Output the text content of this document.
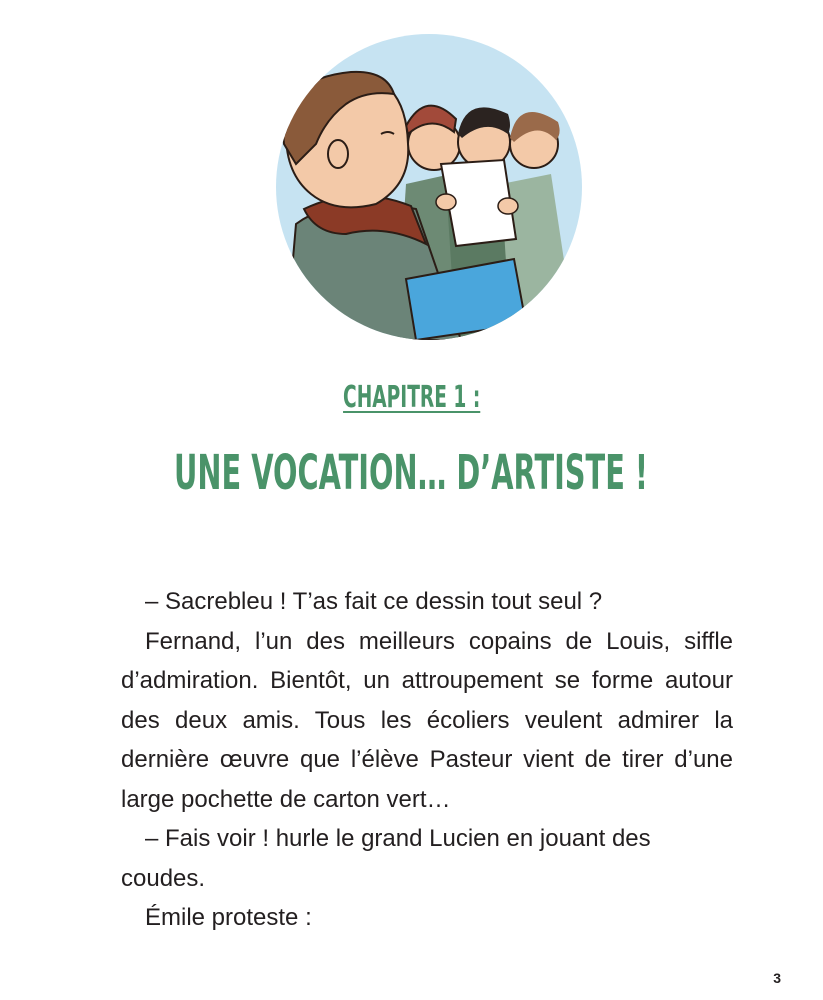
CHAPITRE 1 :
UNE VOCATION… D’ARTISTE !

– Sacrebleu ! T’as fait ce dessin tout seul ?

Fernand, l’un des meilleurs copains de Louis, siffle d’admiration. Bientôt, un attroupement se forme autour des deux amis. Tous les écoliers veulent admirer la dernière œuvre que l’élève Pasteur vient de tirer d’une large pochette de carton vert…

– Fais voir ! hurle le grand Lucien en jouant des coudes.

Émile proteste :

3
